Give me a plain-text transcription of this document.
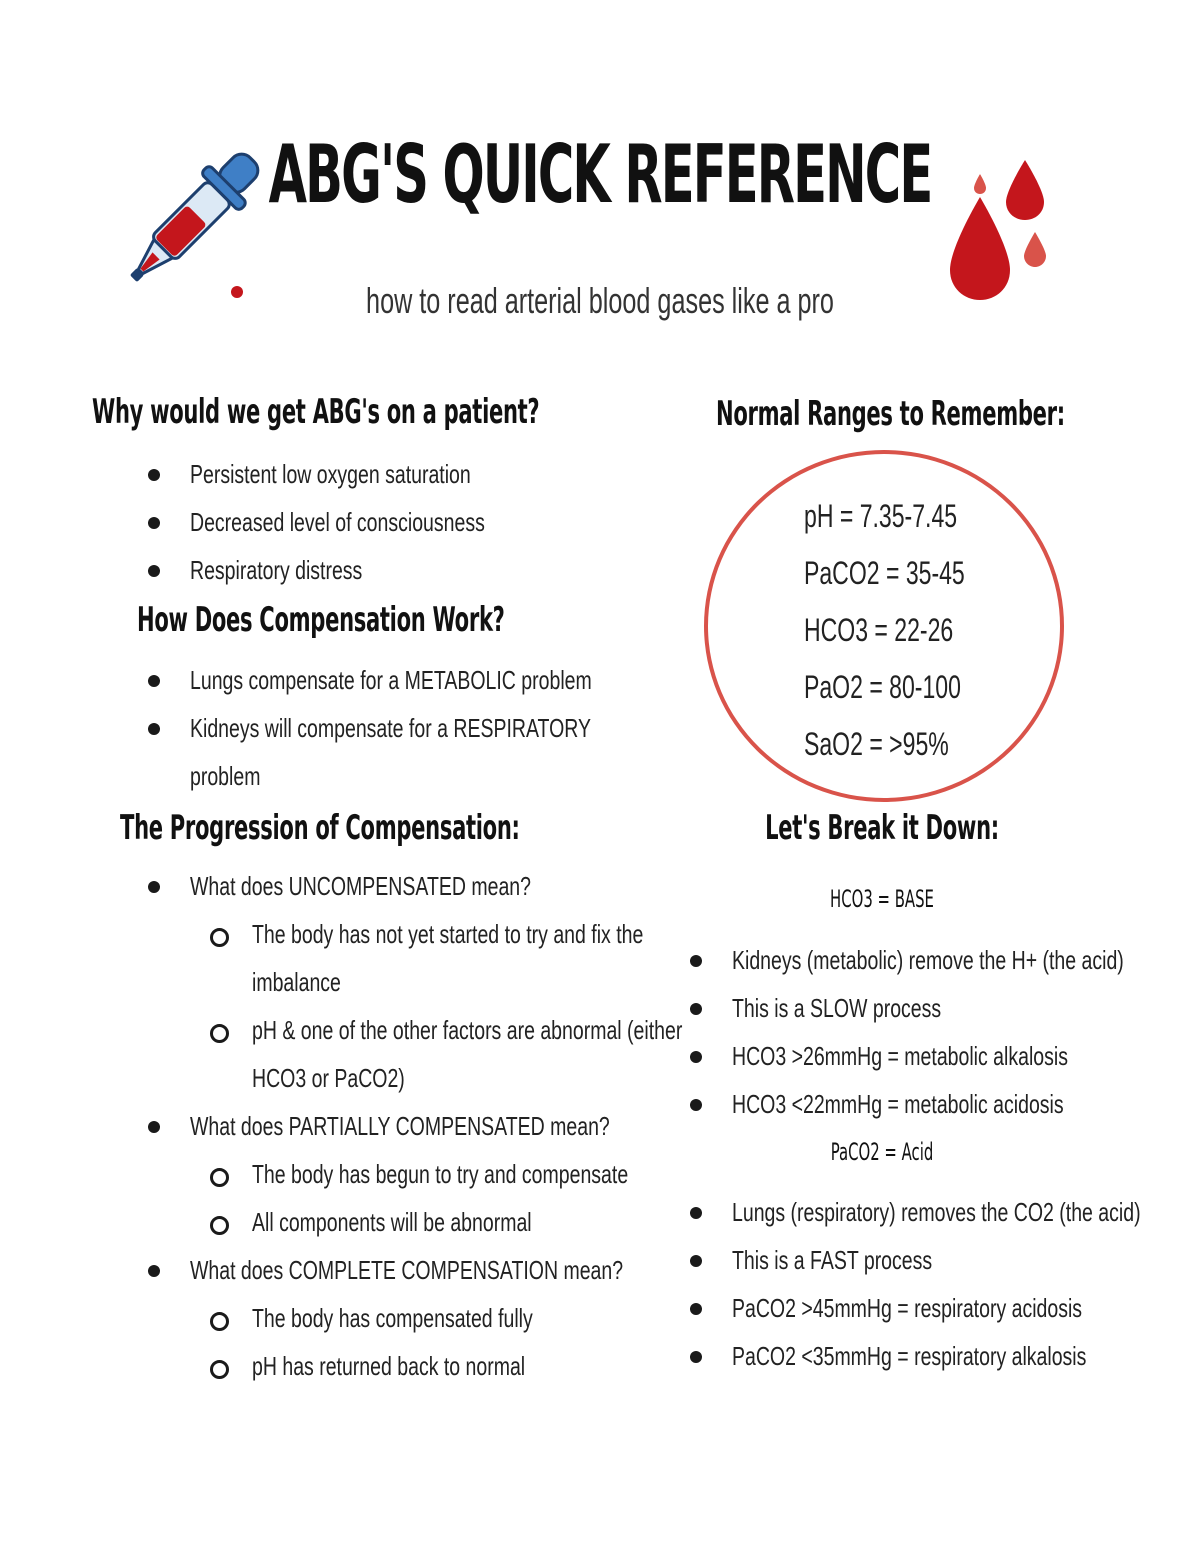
ABG'S QUICK REFERENCE
how to read arterial blood gases like a pro
Why would we get ABG's on a patient?
Persistent low oxygen saturation
Decreased level of consciousness
Respiratory distress
How Does Compensation Work?
Lungs compensate for a METABOLIC problem
Kidneys will compensate for a RESPIRATORY
problem
The Progression of Compensation:
What does UNCOMPENSATED mean?
The body has not yet started to try and fix the
imbalance
pH & one of the other factors are abnormal (either
HCO3 or PaCO2)
What does PARTIALLY COMPENSATED mean?
The body has begun to try and compensate
All components will be abnormal
What does COMPLETE COMPENSATION mean?
The body has compensated fully
pH has returned back to normal
Normal Ranges to Remember:
pH = 7.35-7.45
PaCO2 = 35-45
HCO3 = 22-26
PaO2 = 80-100
SaO2 = >95%
Let's Break it Down:
HCO3 = BASE
Kidneys (metabolic) remove the H+ (the acid)
This is a SLOW process
HCO3 >26mmHg = metabolic alkalosis
HCO3 <22mmHg = metabolic acidosis
PaCO2 = Acid
Lungs (respiratory) removes the CO2 (the acid)
This is a FAST process
PaCO2 >45mmHg = respiratory acidosis
PaCO2 <35mmHg = respiratory alkalosis
